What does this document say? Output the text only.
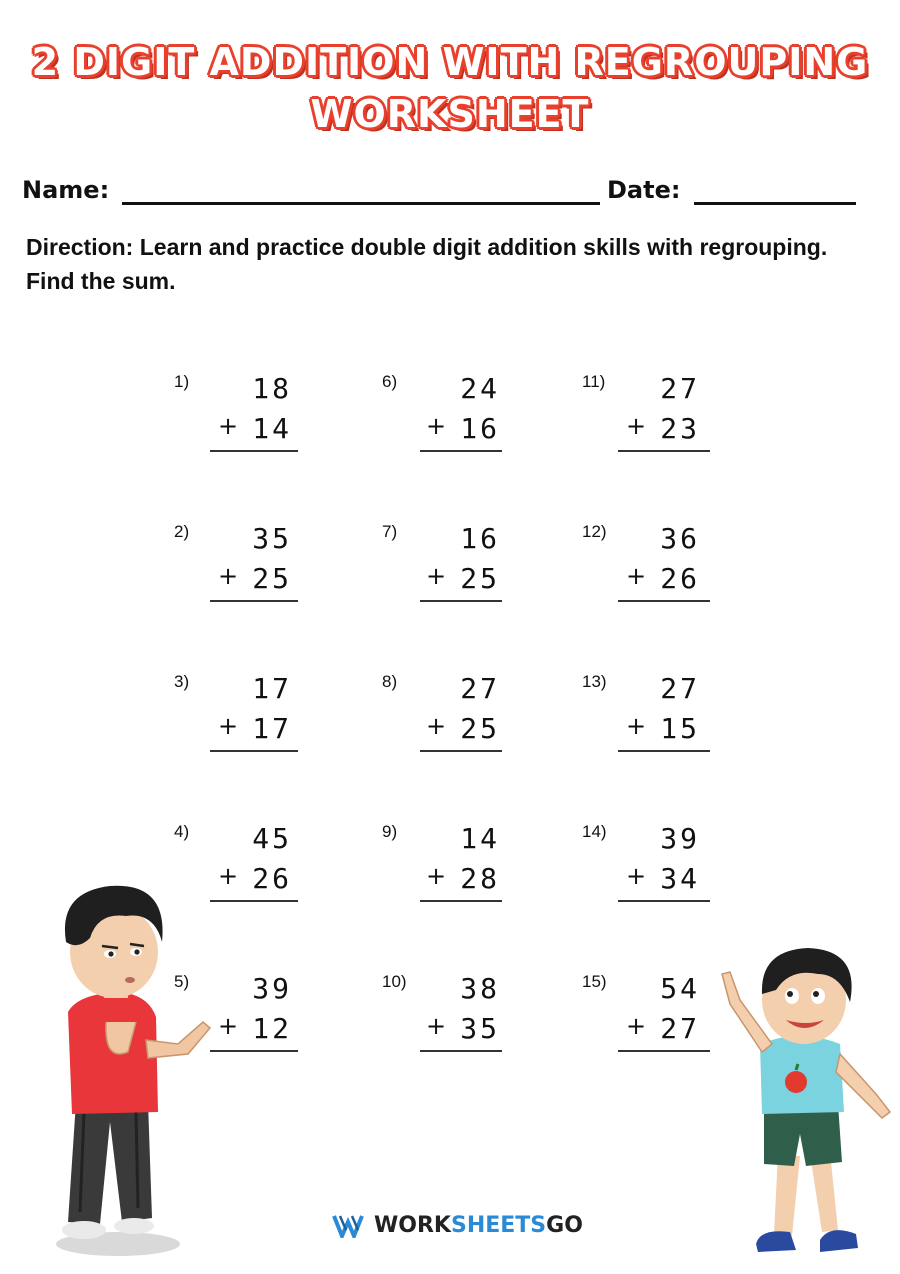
2 DIGIT ADDITION WITH REGROUPING
WORKSHEET
Name:	Date:
Direction: Learn and practice double digit addition skills with regrouping. Find the sum.
1) 18
+ 14
2) 35
+ 25
3) 17
+ 17
4) 45
+ 26
5) 39
+ 12
6) 24
+ 16
7) 16
+ 25
8) 27
+ 25
9) 14
+ 28
10) 38
+ 35
11) 27
+ 23
12) 36
+ 26
13) 27
+ 15
14) 39
+ 34
15) 54
+ 27
WORK SHEETS GO
